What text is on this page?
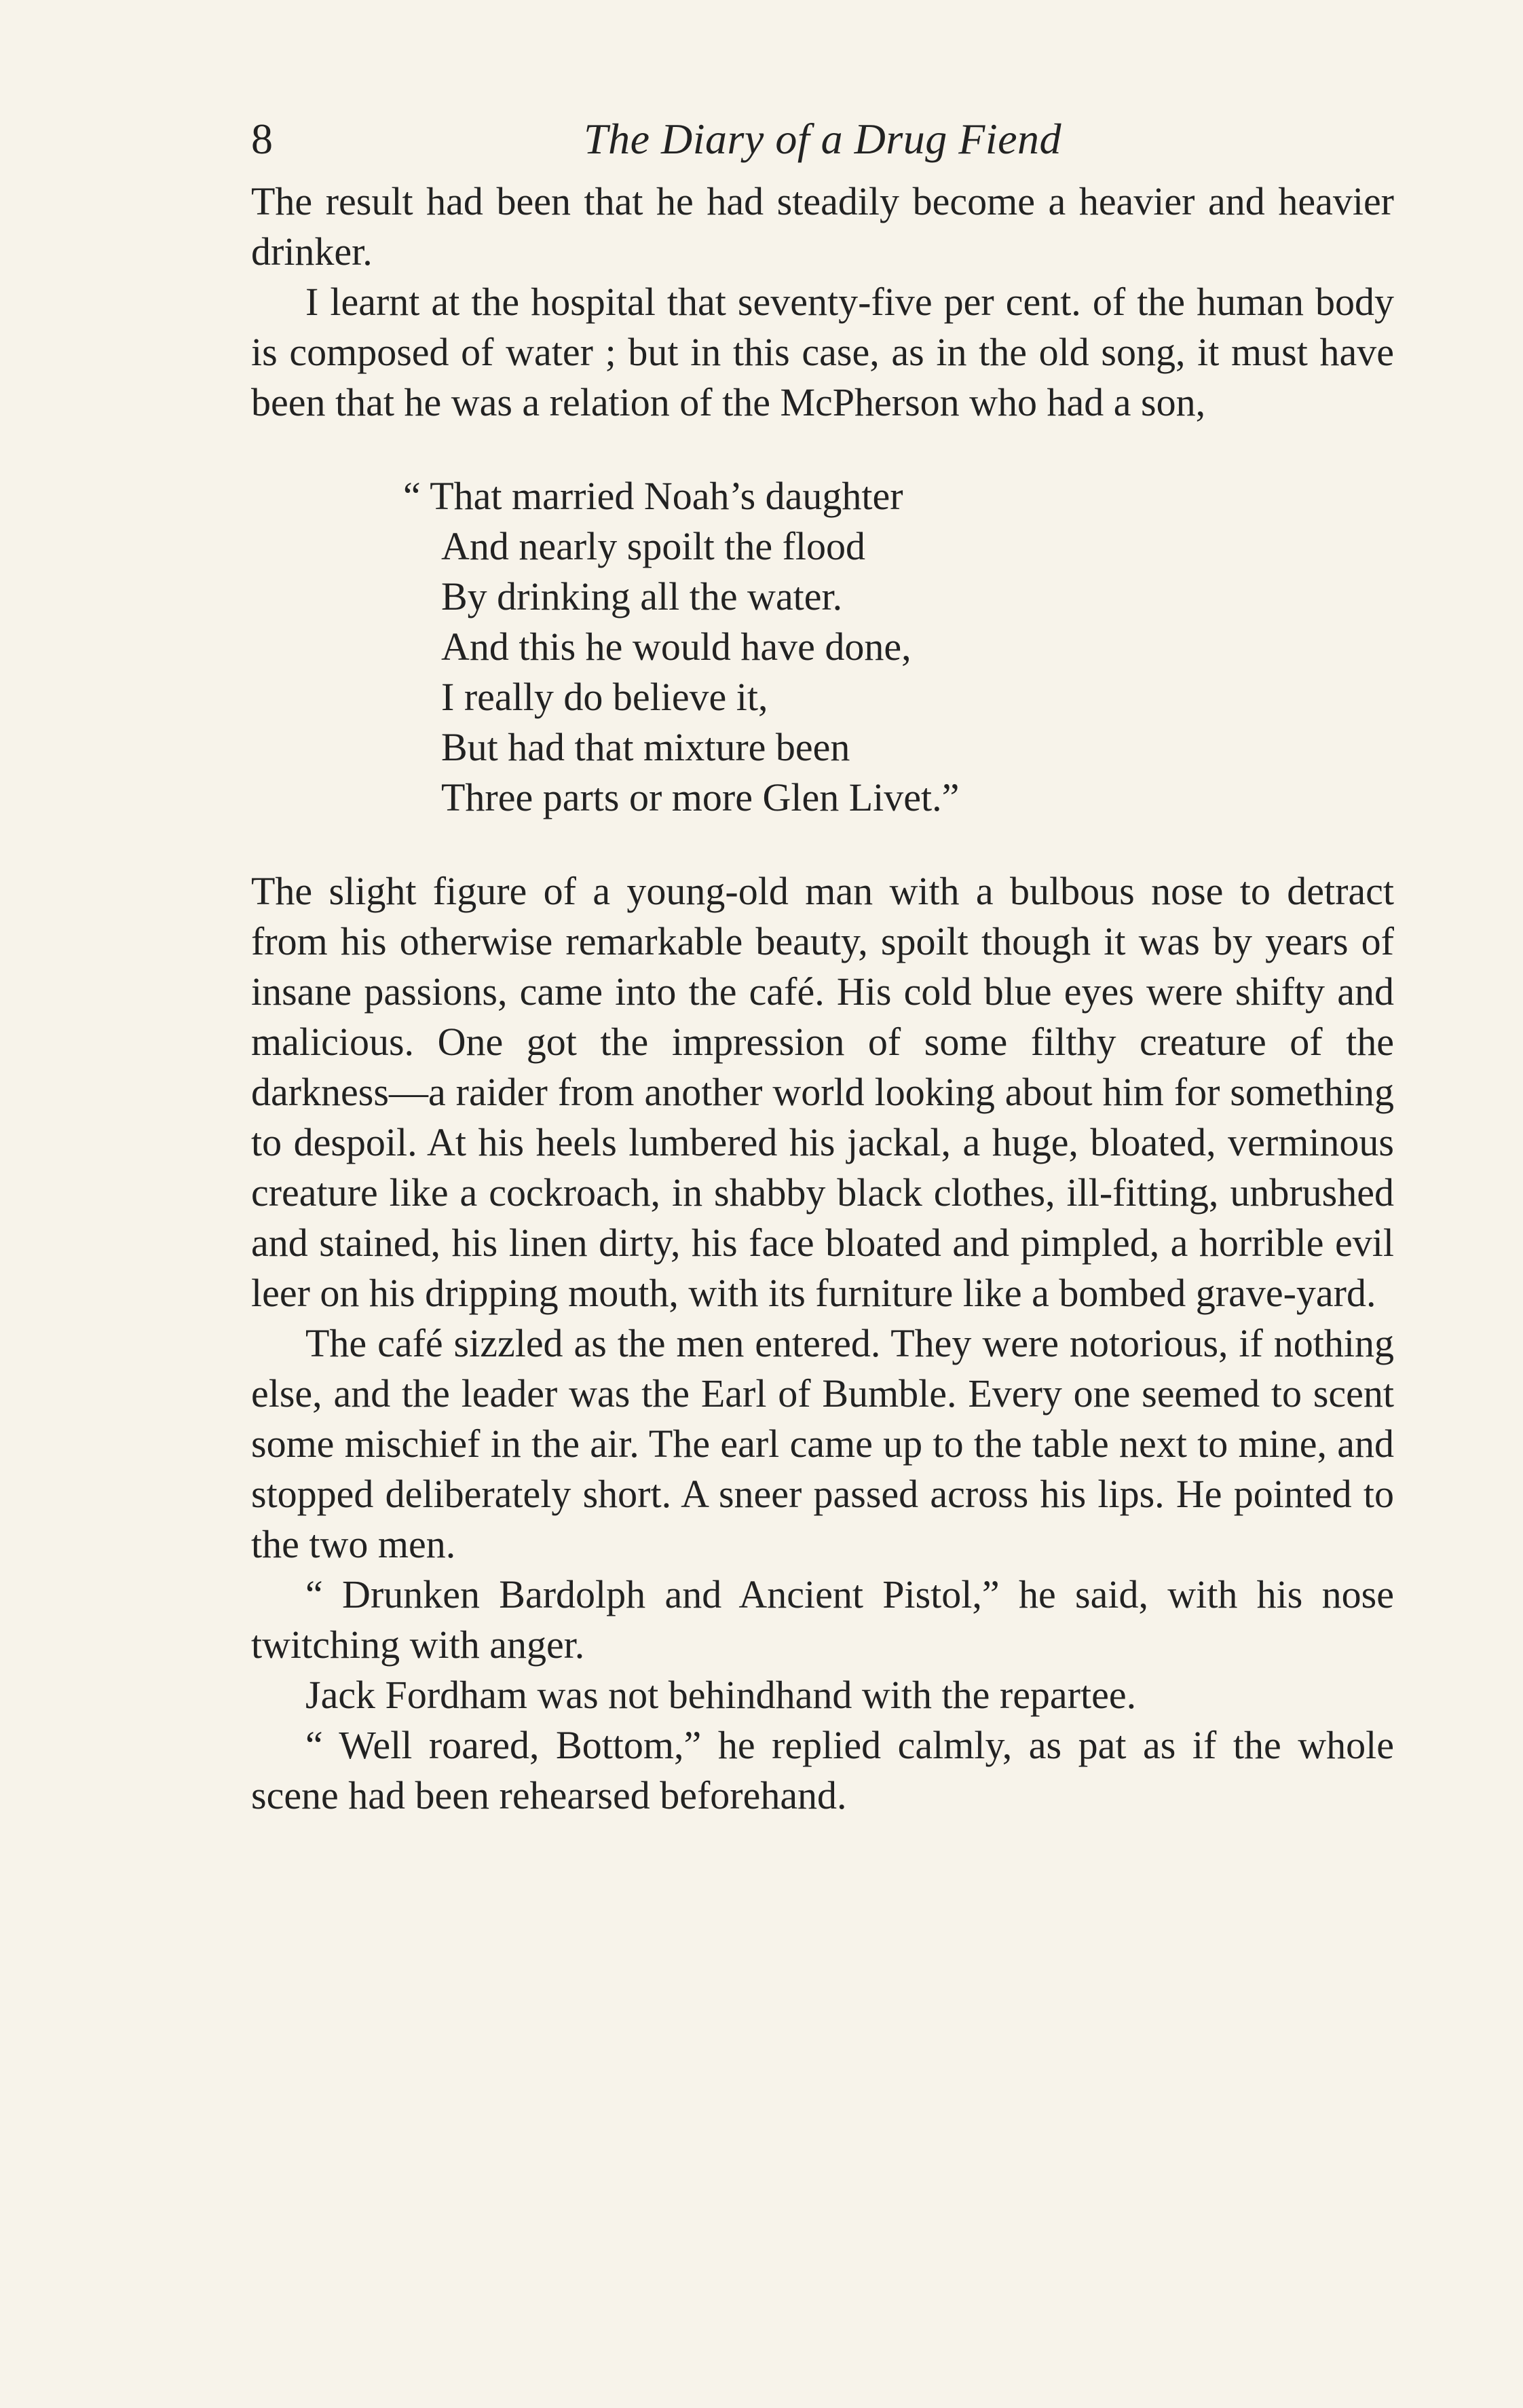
8	The Diary of a Drug Fiend

The result had been that he had steadily become a heavier and heavier drinker.

I learnt at the hospital that seventy-five per cent. of the human body is composed of water ; but in this case, as in the old song, it must have been that he was a relation of the McPherson who had a son,

“ That married Noah’s daughter
And nearly spoilt the flood
By drinking all the water.
And this he would have done,
I really do believe it,
But had that mixture been
Three parts or more Glen Livet.”

The slight figure of a young-old man with a bulbous nose to detract from his otherwise remarkable beauty, spoilt though it was by years of insane passions, came into the café. His cold blue eyes were shifty and malicious. One got the impression of some filthy creature of the darkness—a raider from another world looking about him for something to despoil. At his heels lumbered his jackal, a huge, bloated, verminous creature like a cockroach, in shabby black clothes, ill-fitting, unbrushed and stained, his linen dirty, his face bloated and pimpled, a horrible evil leer on his dripping mouth, with its furniture like a bombed grave-yard.

The café sizzled as the men entered. They were notorious, if nothing else, and the leader was the Earl of Bumble. Every one seemed to scent some mischief in the air. The earl came up to the table next to mine, and stopped deliberately short. A sneer passed across his lips. He pointed to the two men.

“ Drunken Bardolph and Ancient Pistol,” he said, with his nose twitching with anger.

Jack Fordham was not behindhand with the repartee.

“ Well roared, Bottom,” he replied calmly, as pat as if the whole scene had been rehearsed beforehand.
